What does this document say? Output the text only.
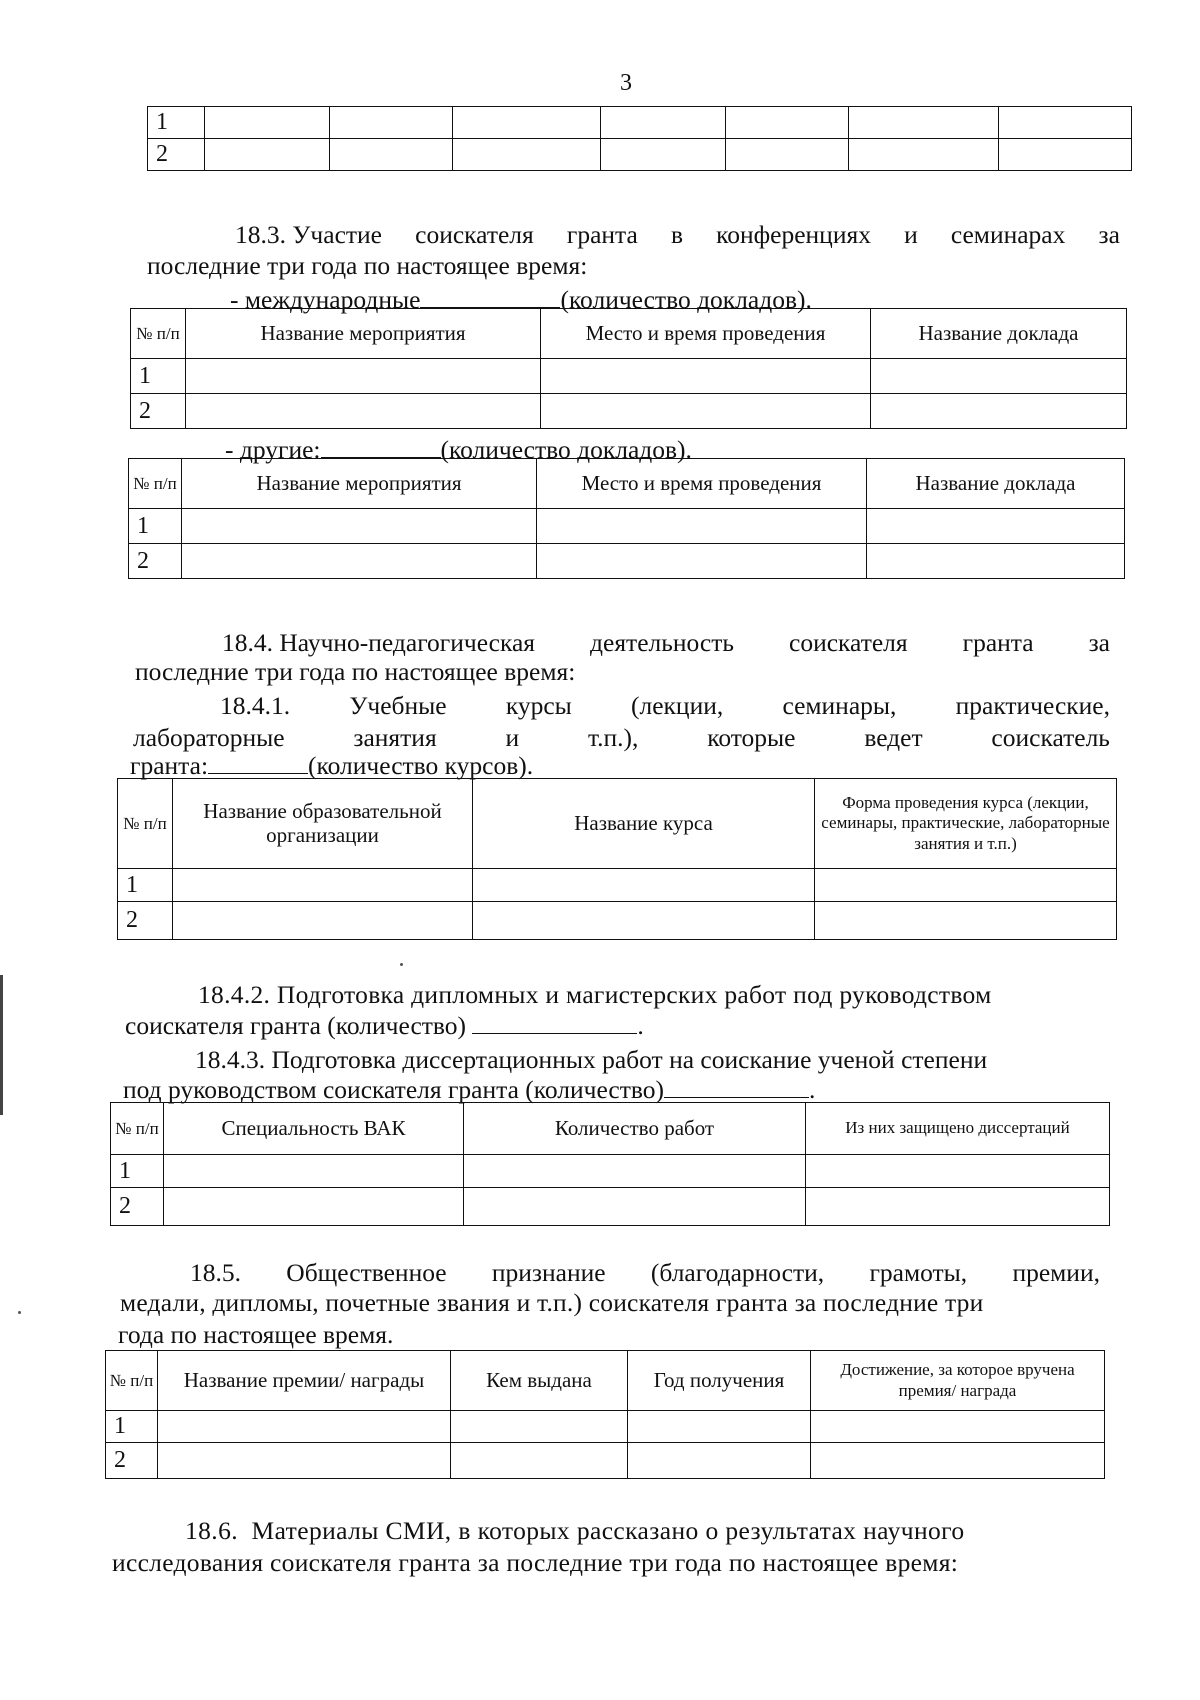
3
1							
2							
18.3. Участие соискателя гранта в конференциях и семинарах за
последние три года по настоящее время:
- международные	(количество докладов).
№ п/п	Название мероприятия	Место и время проведения	Название доклада
1			
2			
- другие:	(количество докладов).
№ п/п	Название мероприятия	Место и время проведения	Название доклада
1			
2			
18.4. Научно-педагогическая деятельность соискателя гранта за
последние три года по настоящее время:
18.4.1. Учебные курсы (лекции, семинары, практические,
лабораторные	занятия	и	т.п.),	которые	ведет	соискатель
гранта:	(количество курсов).
№ п/п	Название образовательной организации	Название курса	Форма проведения курса (лекции, семинары, практические, лабораторные занятия и т.п.)
1			
2			
18.4.2. Подготовка дипломных и магистерских работ под руководством
соискателя гранта (количество)	.
18.4.3. Подготовка диссертационных работ на соискание ученой степени
под руководством соискателя гранта (количество)	.
№ п/п	Специальность ВАК	Количество работ	Из них защищено диссертаций
1			
2			
18.5. Общественное признание (благодарности, грамоты, премии,
медали, дипломы, почетные звания и т.п.) соискателя гранта за последние три
года по настоящее время.
№ п/п	Название премии/ награды	Кем выдана	Год получения	Достижение, за которое вручена премия/ награда
1				
2				
18.6.  Материалы СМИ, в которых рассказано о результатах научного
исследования соискателя гранта за последние три года по настоящее время:
